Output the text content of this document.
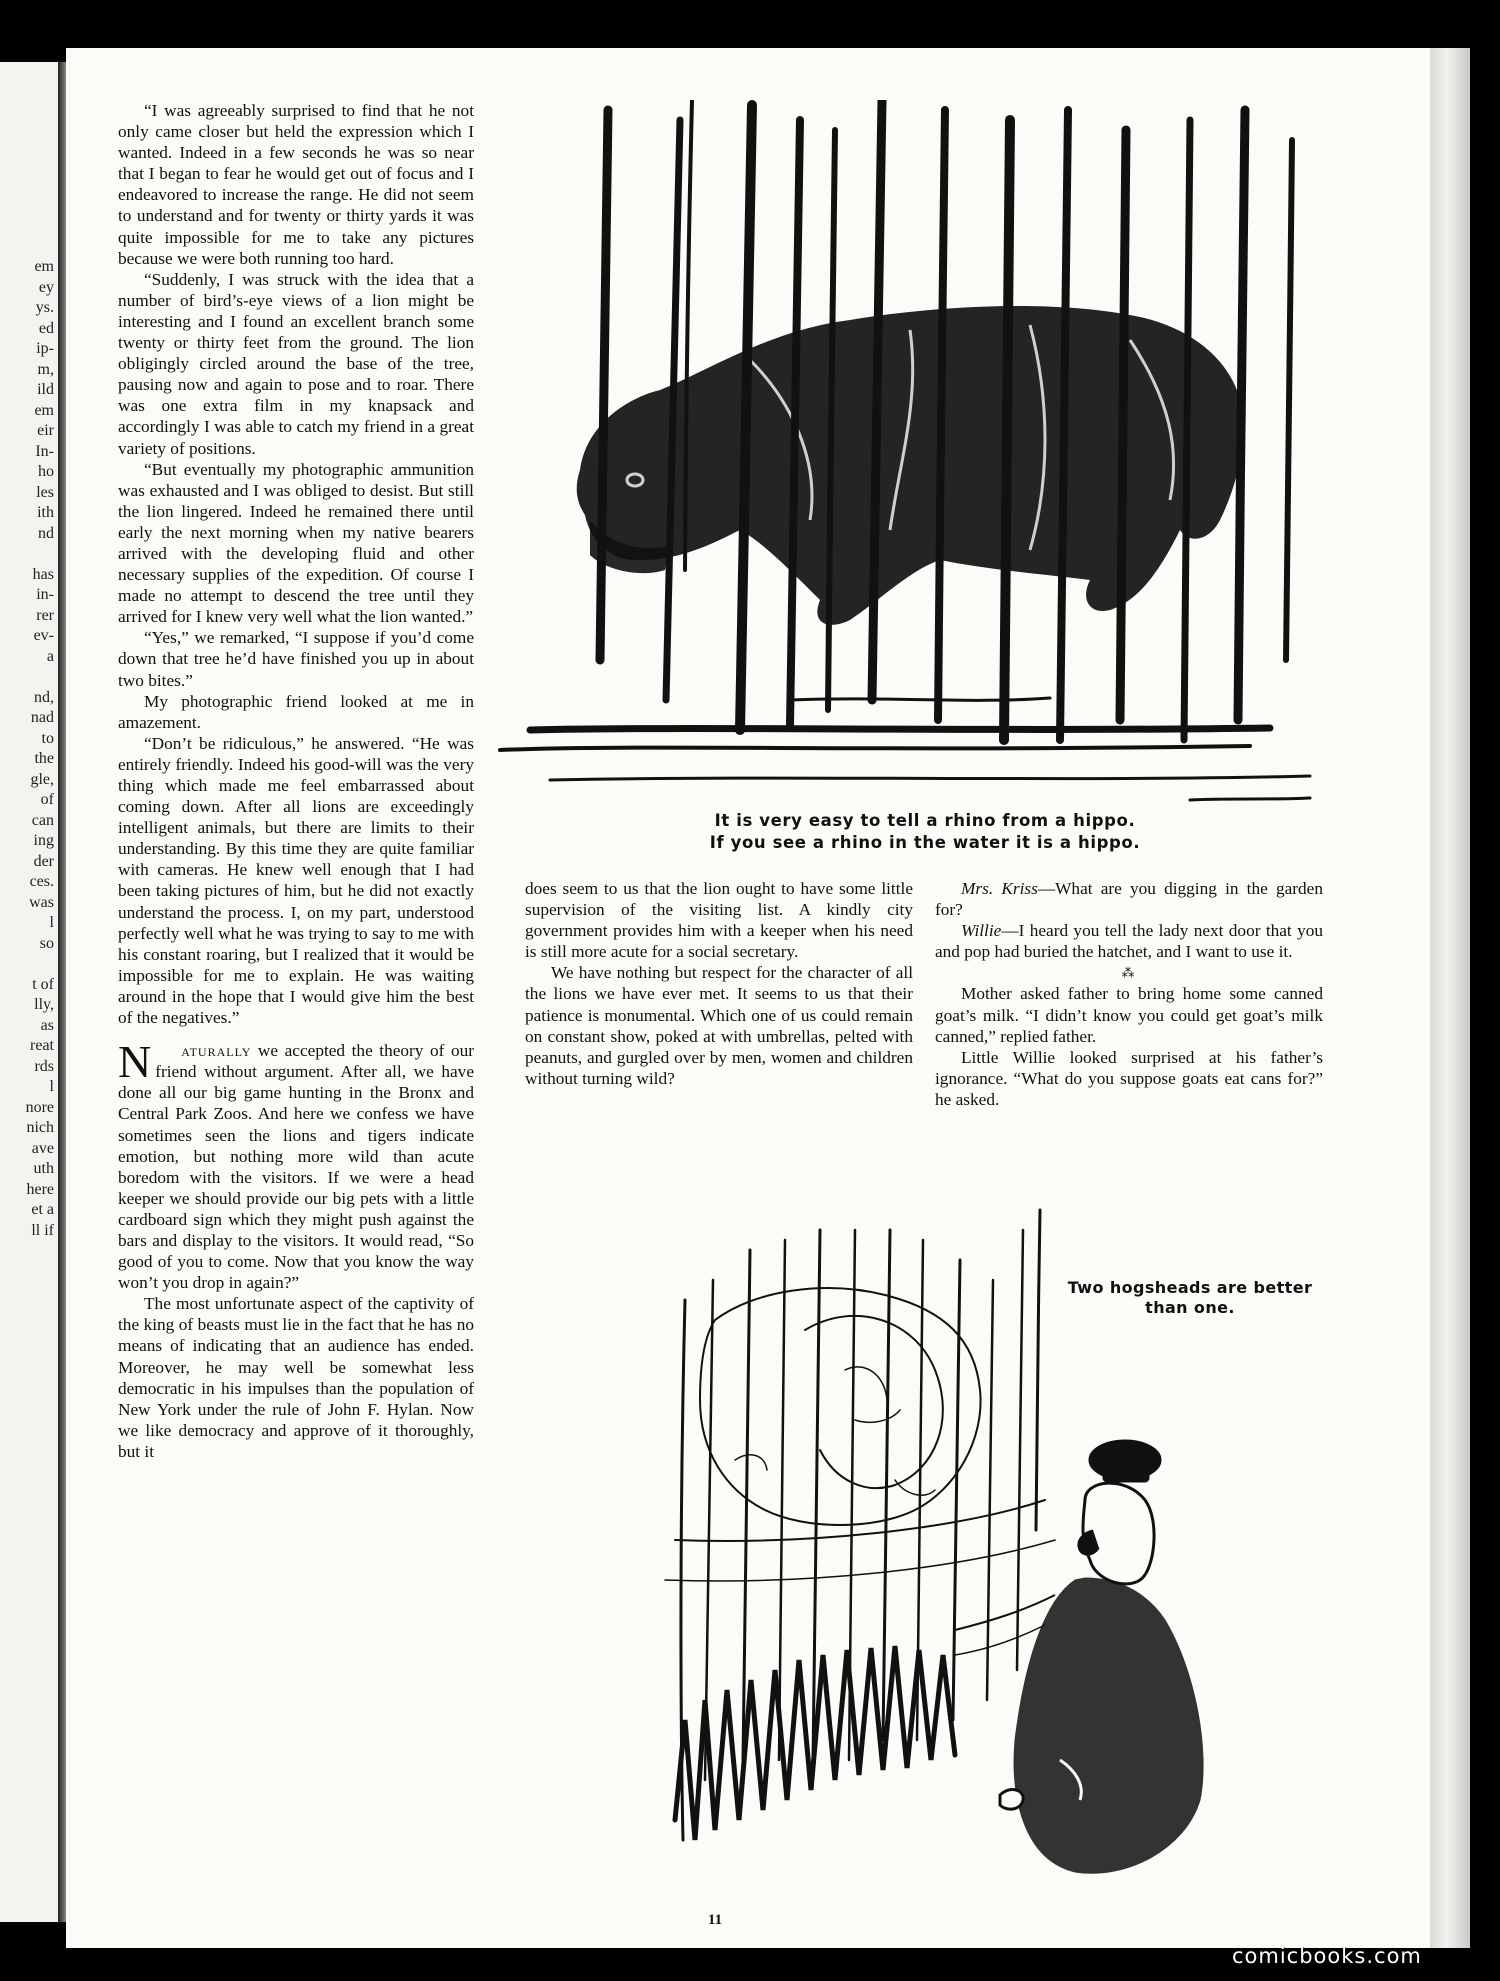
em
ey
ys.
ed
ip-
m,
ild
em
eir
In-
ho
les
ith
nd
has
in-
rer
ev-
a
nd,
nad
to
the
gle,
of
can
ing
der
ces.
was
l
so
t of
lly,
as
reat
rds
l
nore
nich
ave
uth
here
et a
ll if

“I was agreeably surprised to find that he not only came closer but held the expression which I wanted. Indeed in a few seconds he was so near that I began to fear he would get out of focus and I endeavored to increase the range. He did not seem to understand and for twenty or thirty yards it was quite impossible for me to take any pictures because we were both running too hard.

“Suddenly, I was struck with the idea that a number of bird’s-eye views of a lion might be interesting and I found an excellent branch some twenty or thirty feet from the ground. The lion obligingly circled around the base of the tree, pausing now and again to pose and to roar. There was one extra film in my knapsack and accordingly I was able to catch my friend in a great variety of positions.

“But eventually my photographic ammunition was exhausted and I was obliged to desist. But still the lion lingered. Indeed he remained there until early the next morning when my native bearers arrived with the developing fluid and other necessary supplies of the expedition. Of course I made no attempt to descend the tree until they arrived for I knew very well what the lion wanted.”

“Yes,” we remarked, “I suppose if you’d come down that tree he’d have finished you up in about two bites.”

My photographic friend looked at me in amazement.

“Don’t be ridiculous,” he answered. “He was entirely friendly. Indeed his good-will was the very thing which made me feel embarrassed about coming down. After all lions are exceedingly intelligent animals, but there are limits to their understanding. By this time they are quite familiar with cameras. He knew well enough that I had been taking pictures of him, but he did not exactly understand the process. I, on my part, understood perfectly well what he was trying to say to me with his constant roaring, but I realized that it would be impossible for me to explain. He was waiting around in the hope that I would give him the best of the negatives.”

N aturally we accepted the theory of our friend without argument. After all, we have done all our big game hunting in the Bronx and Central Park Zoos. And here we confess we have sometimes seen the lions and tigers indicate emotion, but nothing more wild than acute boredom with the visitors. If we were a head keeper we should provide our big pets with a little cardboard sign which they might push against the bars and display to the visitors. It would read, “So good of you to come. Now that you know the way won’t you drop in again?”

The most unfortunate aspect of the captivity of the king of beasts must lie in the fact that he has no means of indicating that an audience has ended. Moreover, he may well be somewhat less democratic in his impulses than the population of New York under the rule of John F. Hylan. Now we like democracy and approve of it thoroughly, but it

It is very easy to tell a rhino from a hippo.
If you see a rhino in the water it is a hippo.

does seem to us that the lion ought to have some little supervision of the visiting list. A kindly city government provides him with a keeper when his need is still more acute for a social secretary.

We have nothing but respect for the character of all the lions we have ever met. It seems to us that their patience is monumental. Which one of us could remain on constant show, poked at with umbrellas, pelted with peanuts, and gurgled over by men, women and children without turning wild?

Mrs. Kriss—What are you digging in the garden for?

Willie—I heard you tell the lady next door that you and pop had buried the hatchet, and I want to use it.

⁂

Mother asked father to bring home some canned goat’s milk. “I didn’t know you could get goat’s milk canned,” replied father.

Little Willie looked surprised at his father’s ignorance. “What do you suppose goats eat cans for?” he asked.

Two hogsheads are better
than one.
11
comicbooks.com
